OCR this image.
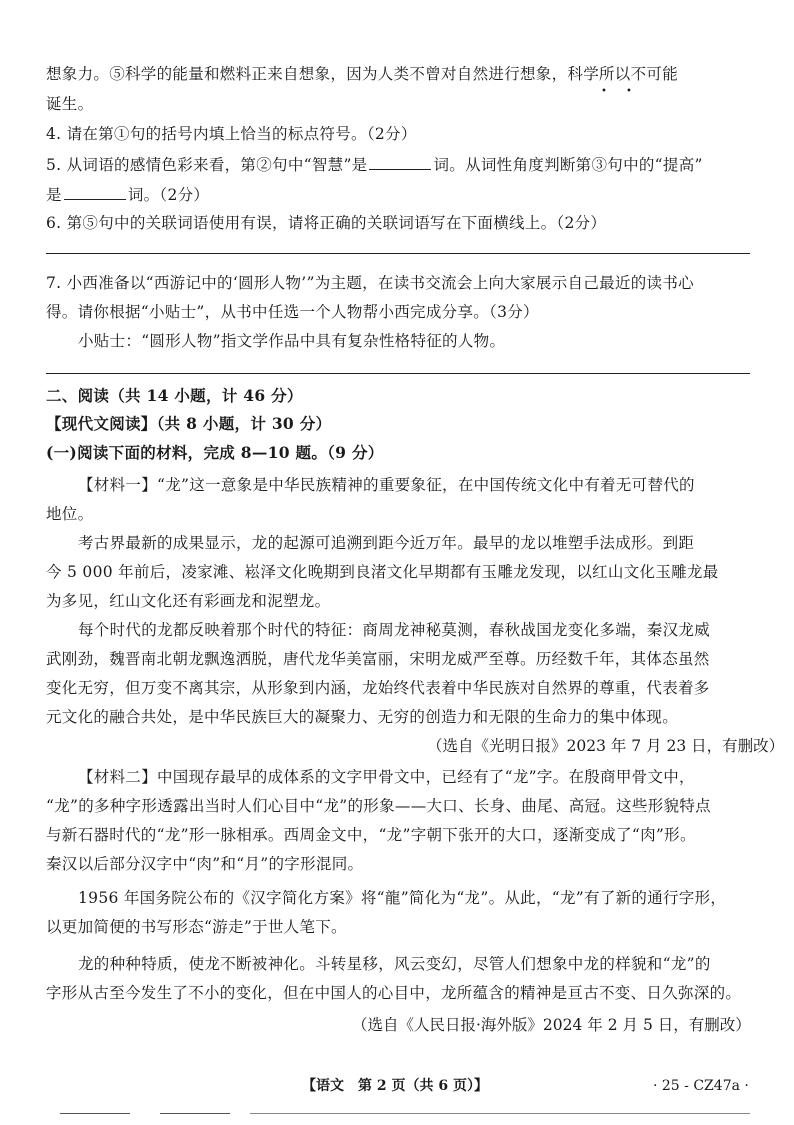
想象力。⑤科学的能量和燃料正来自想象，因为人类不曾对自然进行想象，科学所以不可能
•      •
诞生。
4. 请在第①句的括号内填上恰当的标点符号。（2分）
5. 从词语的感情色彩来看，第②句中“智慧”是	词。从词性角度判断第③句中的“提高”
是	词。（2分）
6. 第⑤句中的关联词语使用有误，请将正确的关联词语写在下面横线上。（2分）
7. 小西准备以“西游记中的‘圆形人物’”为主题，在读书交流会上向大家展示自己最近的读书心
得。请你根据“小贴士”，从书中任选一个人物帮小西完成分享。（3分）
小贴士：“圆形人物”指文学作品中具有复杂性格特征的人物。
二、阅读（共 14 小题，计 46 分）
【现代文阅读】（共 8 小题，计 30 分）
(一)阅读下面的材料，完成 8—10 题。（9 分）
【材料一】“龙”这一意象是中华民族精神的重要象征，在中国传统文化中有着无可替代的
地位。
考古界最新的成果显示，龙的起源可追溯到距今近万年。最早的龙以堆塑手法成形。到距
今 5 000 年前后，凌家滩、崧泽文化晚期到良渚文化早期都有玉雕龙发现，以红山文化玉雕龙最
为多见，红山文化还有彩画龙和泥塑龙。
每个时代的龙都反映着那个时代的特征：商周龙神秘莫测，春秋战国龙变化多端，秦汉龙威
武刚劲，魏晋南北朝龙飘逸洒脱，唐代龙华美富丽，宋明龙威严至尊。历经数千年，其体态虽然
变化无穷，但万变不离其宗，从形象到内涵，龙始终代表着中华民族对自然界的尊重，代表着多
元文化的融合共处，是中华民族巨大的凝聚力、无穷的创造力和无限的生命力的集中体现。
（选自《光明日报》2023 年 7 月 23 日，有删改）
【材料二】中国现存最早的成体系的文字甲骨文中，已经有了“龙”字。在殷商甲骨文中，
“龙”的多种字形透露出当时人们心目中“龙”的形象——大口、长身、曲尾、高冠。这些形貌特点
与新石器时代的“龙”形一脉相承。西周金文中，“龙”字朝下张开的大口，逐渐变成了“肉”形。
秦汉以后部分汉字中“肉”和“月”的字形混同。
1956 年国务院公布的《汉字简化方案》将“龍”简化为“龙”。从此，“龙”有了新的通行字形，
以更加简便的书写形态“游走”于世人笔下。
龙的种种特质，使龙不断被神化。斗转星移，风云变幻，尽管人们想象中龙的样貌和“龙”的
字形从古至今发生了不小的变化，但在中国人的心目中，龙所蕴含的精神是亘古不变、日久弥深的。
（选自《人民日报·海外版》2024 年 2 月 5 日，有删改）
【语文　第 2 页（共 6 页）】	· 25 - CZ47a ·
